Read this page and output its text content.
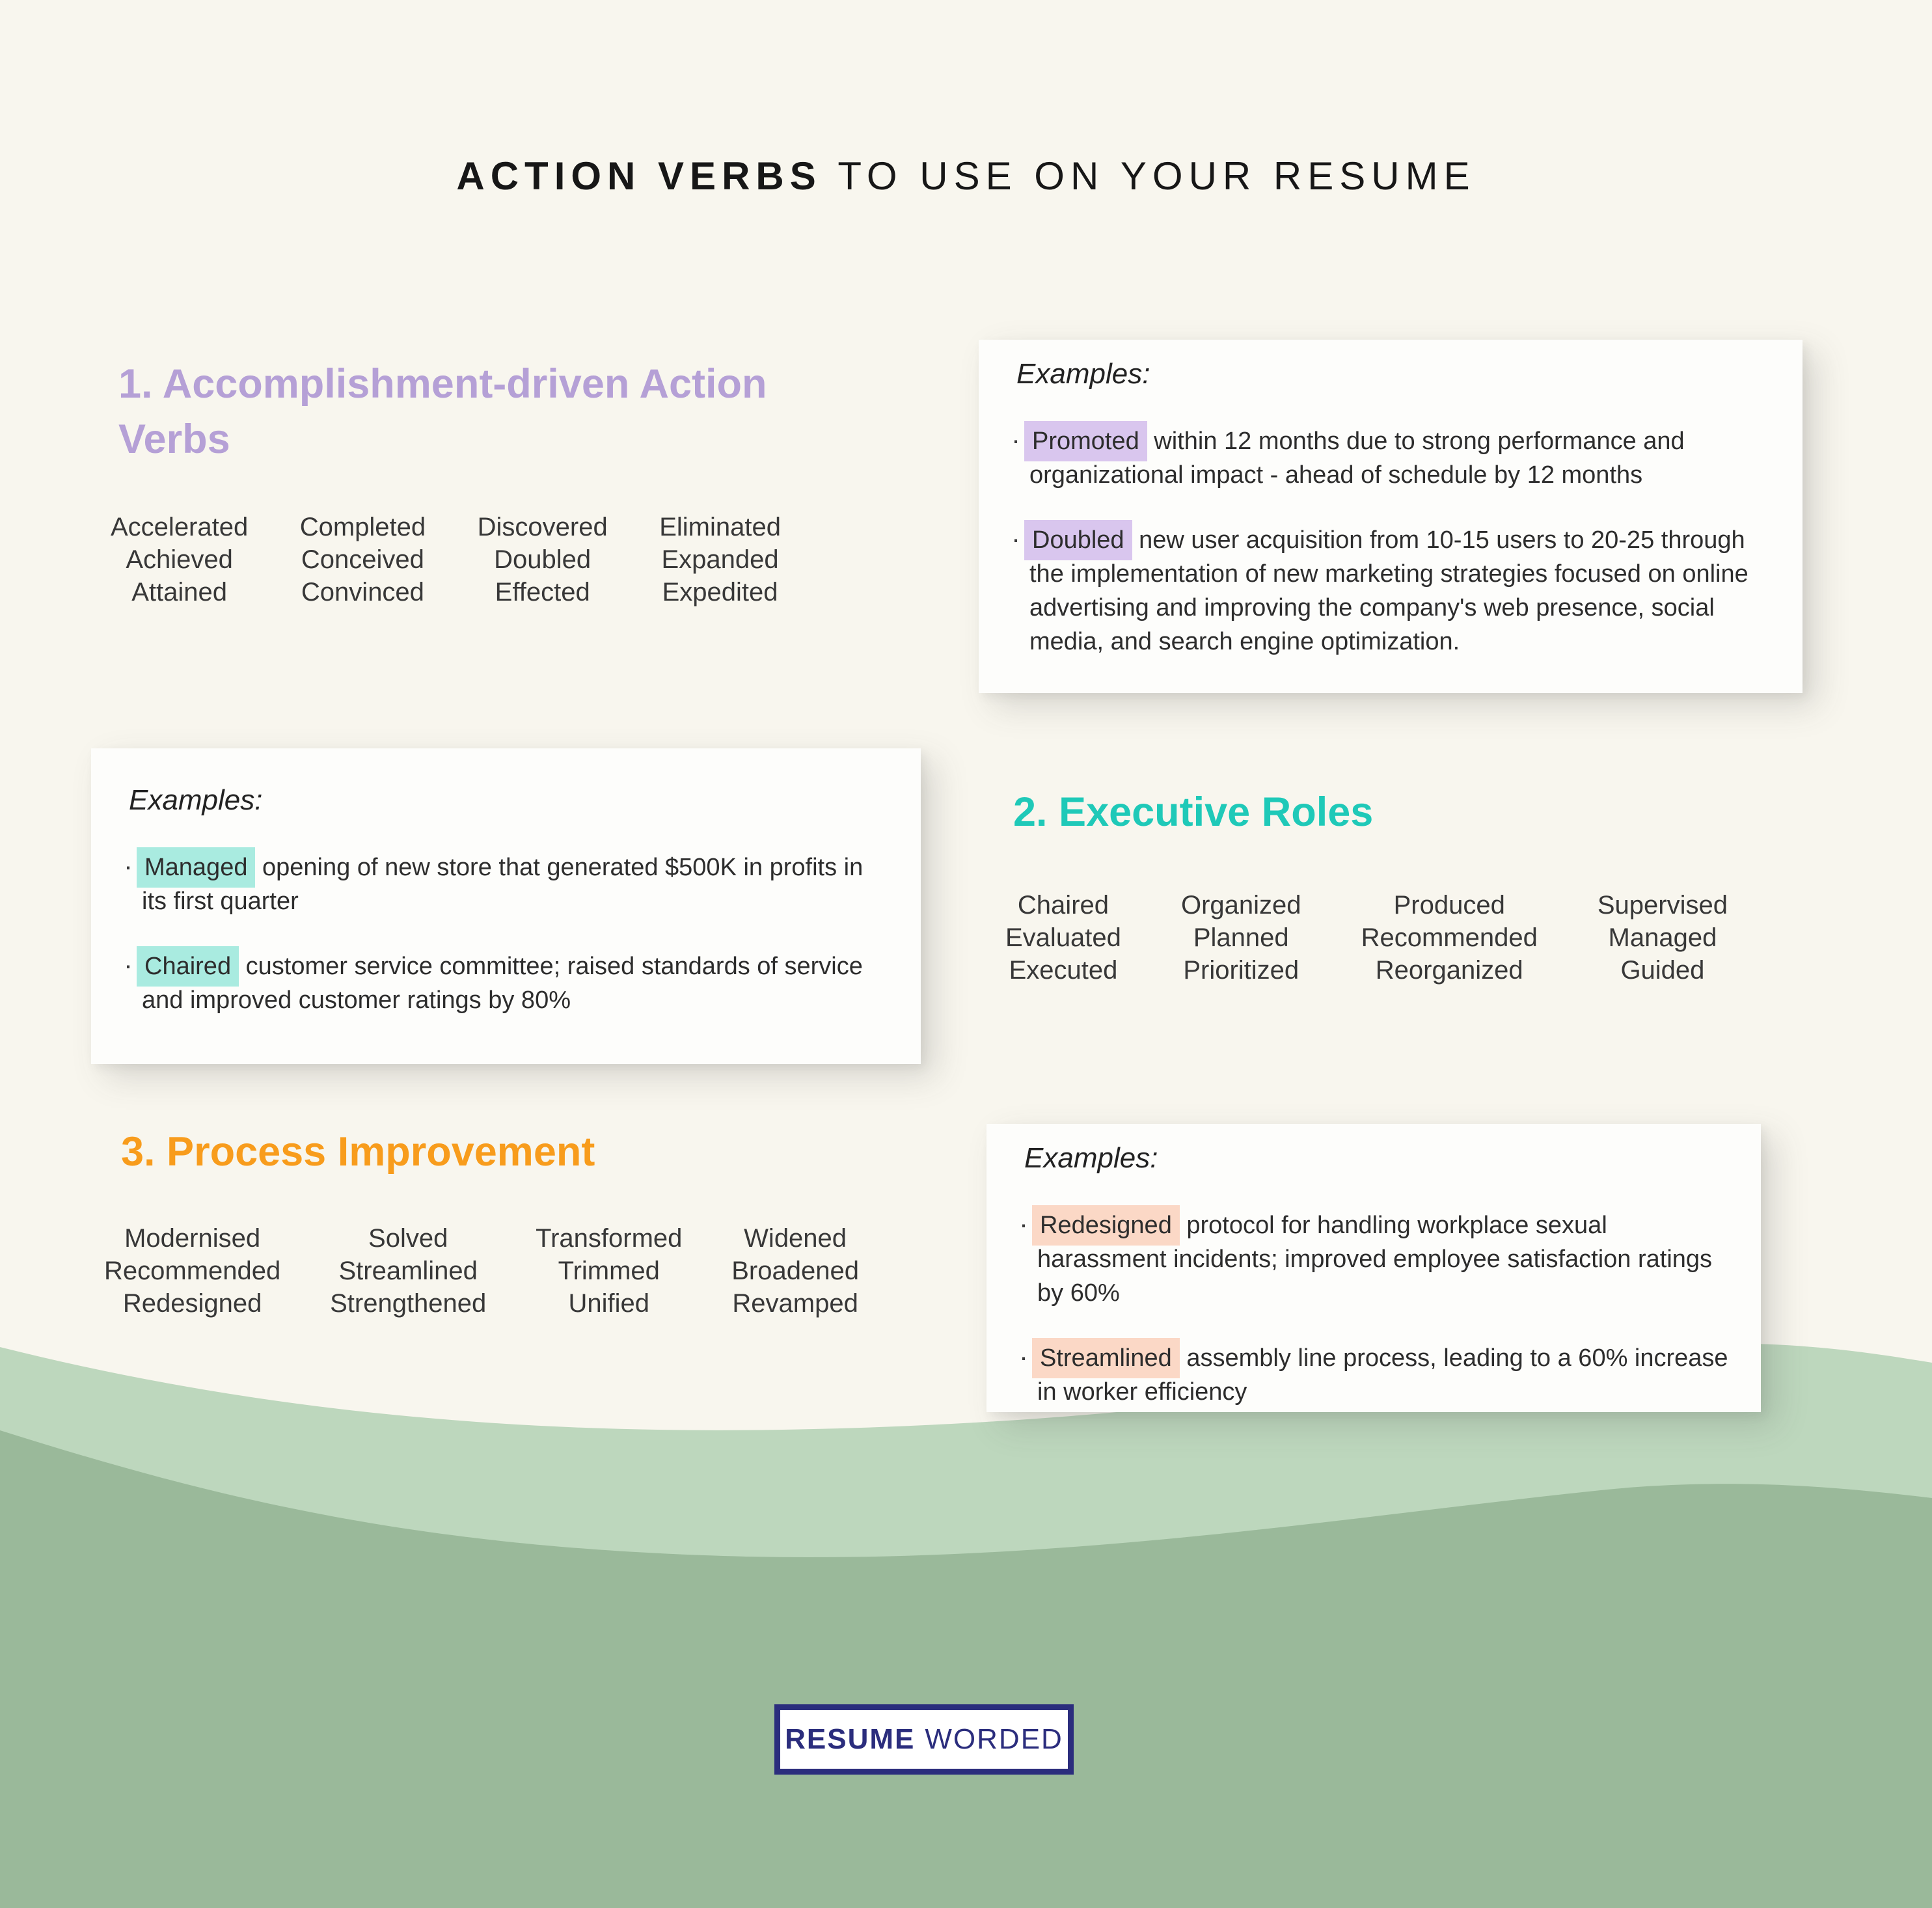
ACTION VERBS TO USE ON YOUR RESUME
1. Accomplishment-driven Action Verbs
Accelerated
Achieved
Attained
Completed
Conceived
Convinced
Discovered
Doubled
Effected
Eliminated
Expanded
Expedited

Examples:

· Promoted within 12 months due to strong performance and organizational impact - ahead of schedule by 12 months

· Doubled new user acquisition from 10-15 users to 20-25 through the implementation of new marketing strategies focused on online advertising and improving the company's web presence, social media, and search engine optimization.

Examples:

· Managed opening of new store that generated $500K in profits in its first quarter

· Chaired customer service committee; raised standards of service and improved customer ratings by 80%

2. Executive Roles
Chaired
Evaluated
Executed
Organized
Planned
Prioritized
Produced
Recommended
Reorganized
Supervised
Managed
Guided
3. Process Improvement
Modernised
Recommended
Redesigned
Solved
Streamlined
Strengthened
Transformed
Trimmed
Unified
Widened
Broadened
Revamped

Examples:

· Redesigned protocol for handling workplace sexual harassment incidents; improved employee satisfaction ratings by 60%

· Streamlined assembly line process, leading to a 60% increase in worker efficiency

RESUME WORDED
